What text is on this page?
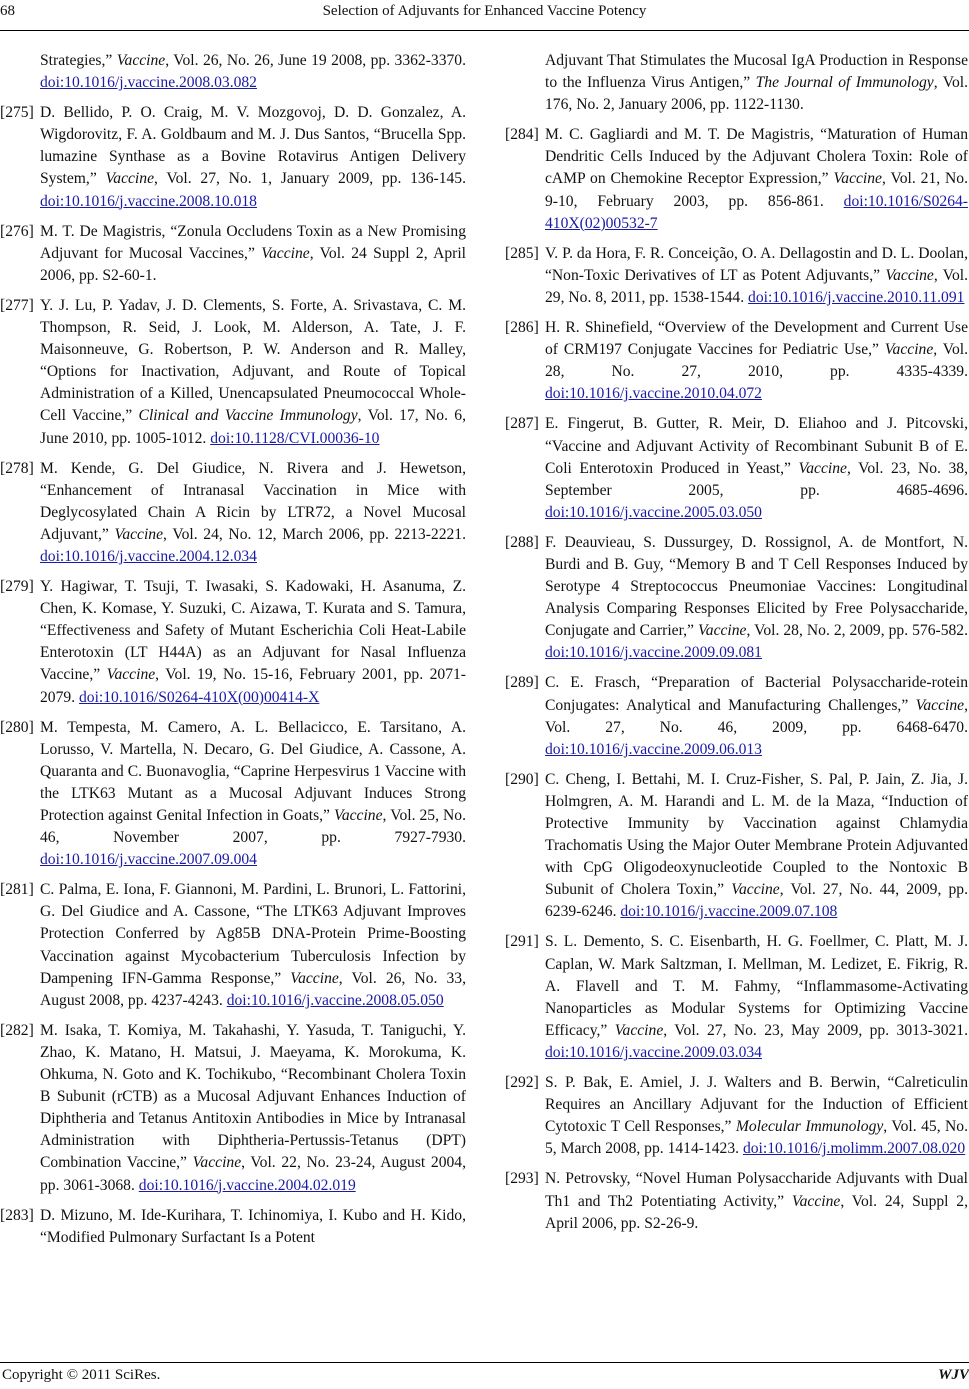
68	Selection of Adjuvants for Enhanced Vaccine Potency
Strategies,” Vaccine, Vol. 26, No. 26, June 19 2008, pp. 3362-3370. doi:10.1016/j.vaccine.2008.03.082
[275] D. Bellido, P. O. Craig, M. V. Mozgovoj, D. D. Gonzalez, A. Wigdorovitz, F. A. Goldbaum and M. J. Dus Santos, “Brucella Spp. lumazine Synthase as a Bovine Rotavirus Antigen Delivery System,” Vaccine, Vol. 27, No. 1, January 2009, pp. 136-145. doi:10.1016/j.vaccine.2008.10.018
[276] M. T. De Magistris, “Zonula Occludens Toxin as a New Promising Adjuvant for Mucosal Vaccines,” Vaccine, Vol. 24 Suppl 2, April 2006, pp. S2-60-1.
[277] Y. J. Lu, P. Yadav, J. D. Clements, S. Forte, A. Srivastava, C. M. Thompson, R. Seid, J. Look, M. Alderson, A. Tate, J. F. Maisonneuve, G. Robertson, P. W. Anderson and R. Malley, “Options for Inactivation, Adjuvant, and Route of Topical Administration of a Killed, Unencapsulated Pneumococcal Whole-Cell Vaccine,” Clinical and Vaccine Immunology, Vol. 17, No. 6, June 2010, pp. 1005-1012. doi:10.1128/CVI.00036-10
[278] M. Kende, G. Del Giudice, N. Rivera and J. Hewetson, “Enhancement of Intranasal Vaccination in Mice with Deglycosylated Chain A Ricin by LTR72, a Novel Mucosal Adjuvant,” Vaccine, Vol. 24, No. 12, March 2006, pp. 2213-2221. doi:10.1016/j.vaccine.2004.12.034
[279] Y. Hagiwar, T. Tsuji, T. Iwasaki, S. Kadowaki, H. Asanuma, Z. Chen, K. Komase, Y. Suzuki, C. Aizawa, T. Kurata and S. Tamura, “Effectiveness and Safety of Mutant Escherichia Coli Heat-Labile Enterotoxin (LT H44A) as an Adjuvant for Nasal Influenza Vaccine,” Vaccine, Vol. 19, No. 15-16, February 2001, pp. 2071-2079. doi:10.1016/S0264-410X(00)00414-X
[280] M. Tempesta, M. Camero, A. L. Bellacicco, E. Tarsitano, A. Lorusso, V. Martella, N. Decaro, G. Del Giudice, A. Cassone, A. Quaranta and C. Buonavoglia, “Caprine Herpesvirus 1 Vaccine with the LTK63 Mutant as a Mucosal Adjuvant Induces Strong Protection against Genital Infection in Goats,” Vaccine, Vol. 25, No. 46, November 2007, pp. 7927-7930. doi:10.1016/j.vaccine.2007.09.004
[281] C. Palma, E. Iona, F. Giannoni, M. Pardini, L. Brunori, L. Fattorini, G. Del Giudice and A. Cassone, “The LTK63 Adjuvant Improves Protection Conferred by Ag85B DNA-Protein Prime-Boosting Vaccination against Mycobacterium Tuberculosis Infection by Dampening IFN-Gamma Response,” Vaccine, Vol. 26, No. 33, August 2008, pp. 4237-4243. doi:10.1016/j.vaccine.2008.05.050
[282] M. Isaka, T. Komiya, M. Takahashi, Y. Yasuda, T. Taniguchi, Y. Zhao, K. Matano, H. Matsui, J. Maeyama, K. Morokuma, K. Ohkuma, N. Goto and K. Tochikubo, “Recombinant Cholera Toxin B Subunit (rCTB) as a Mucosal Adjuvant Enhances Induction of Diphtheria and Tetanus Antitoxin Antibodies in Mice by Intranasal Administration with Diphtheria-Pertussis-Tetanus (DPT) Combination Vaccine,” Vaccine, Vol. 22, No. 23-24, August 2004, pp. 3061-3068. doi:10.1016/j.vaccine.2004.02.019
[283] D. Mizuno, M. Ide-Kurihara, T. Ichinomiya, I. Kubo and H. Kido, “Modified Pulmonary Surfactant Is a Potent
Adjuvant That Stimulates the Mucosal IgA Production in Response to the Influenza Virus Antigen,” The Journal of Immunology, Vol. 176, No. 2, January 2006, pp. 1122-1130.
[284] M. C. Gagliardi and M. T. De Magistris, “Maturation of Human Dendritic Cells Induced by the Adjuvant Cholera Toxin: Role of cAMP on Chemokine Receptor Expression,” Vaccine, Vol. 21, No. 9-10, February 2003, pp. 856-861. doi:10.1016/S0264-410X(02)00532-7
[285] V. P. da Hora, F. R. Conceição, O. A. Dellagostin and D. L. Doolan, “Non-Toxic Derivatives of LT as Potent Adjuvants,” Vaccine, Vol. 29, No. 8, 2011, pp. 1538-1544. doi:10.1016/j.vaccine.2010.11.091
[286] H. R. Shinefield, “Overview of the Development and Current Use of CRM197 Conjugate Vaccines for Pediatric Use,” Vaccine, Vol. 28, No. 27, 2010, pp. 4335-4339. doi:10.1016/j.vaccine.2010.04.072
[287] E. Fingerut, B. Gutter, R. Meir, D. Eliahoo and J. Pitcovski, “Vaccine and Adjuvant Activity of Recombinant Subunit B of E. Coli Enterotoxin Produced in Yeast,” Vaccine, Vol. 23, No. 38, September 2005, pp. 4685-4696. doi:10.1016/j.vaccine.2005.03.050
[288] F. Deauvieau, S. Dussurgey, D. Rossignol, A. de Montfort, N. Burdi and B. Guy, “Memory B and T Cell Responses Induced by Serotype 4 Streptococcus Pneumoniae Vaccines: Longitudinal Analysis Comparing Responses Elicited by Free Polysaccharide, Conjugate and Carrier,” Vaccine, Vol. 28, No. 2, 2009, pp. 576-582. doi:10.1016/j.vaccine.2009.09.081
[289] C. E. Frasch, “Preparation of Bacterial Polysaccharide-rotein Conjugates: Analytical and Manufacturing Challenges,” Vaccine, Vol. 27, No. 46, 2009, pp. 6468-6470. doi:10.1016/j.vaccine.2009.06.013
[290] C. Cheng, I. Bettahi, M. I. Cruz-Fisher, S. Pal, P. Jain, Z. Jia, J. Holmgren, A. M. Harandi and L. M. de la Maza, “Induction of Protective Immunity by Vaccination against Chlamydia Trachomatis Using the Major Outer Membrane Protein Adjuvanted with CpG Oligodeoxynucleotide Coupled to the Nontoxic B Subunit of Cholera Toxin,” Vaccine, Vol. 27, No. 44, 2009, pp. 6239-6246. doi:10.1016/j.vaccine.2009.07.108
[291] S. L. Demento, S. C. Eisenbarth, H. G. Foellmer, C. Platt, M. J. Caplan, W. Mark Saltzman, I. Mellman, M. Ledizet, E. Fikrig, R. A. Flavell and T. M. Fahmy, “Inflammasome-Activating Nanoparticles as Modular Systems for Optimizing Vaccine Efficacy,” Vaccine, Vol. 27, No. 23, May 2009, pp. 3013-3021. doi:10.1016/j.vaccine.2009.03.034
[292] S. P. Bak, E. Amiel, J. J. Walters and B. Berwin, “Calreticulin Requires an Ancillary Adjuvant for the Induction of Efficient Cytotoxic T Cell Responses,” Molecular Immunology, Vol. 45, No. 5, March 2008, pp. 1414-1423. doi:10.1016/j.molimm.2007.08.020
[293] N. Petrovsky, “Novel Human Polysaccharide Adjuvants with Dual Th1 and Th2 Potentiating Activity,” Vaccine, Vol. 24, Suppl 2, April 2006, pp. S2-26-9.
Copyright © 2011 SciRes.	WJV
